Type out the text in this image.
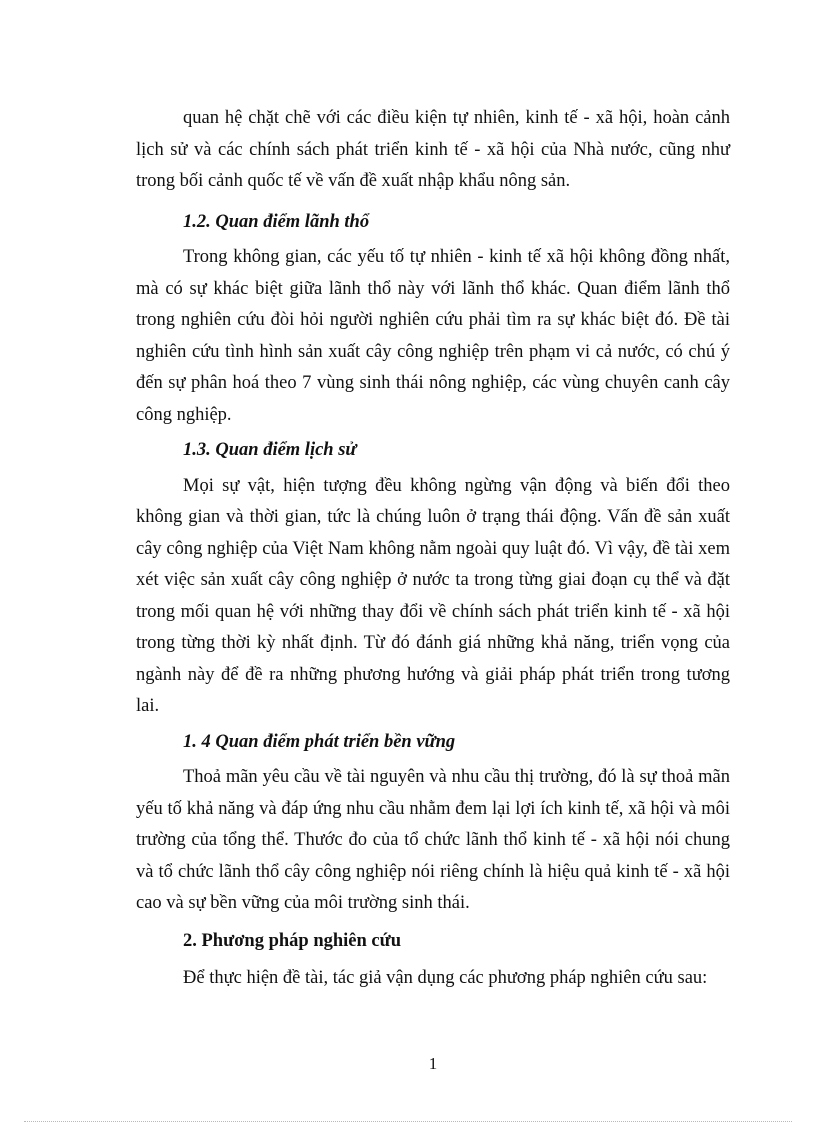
quan hệ chặt chẽ với các điều kiện tự nhiên, kinh tế - xã hội, hoàn cảnh lịch sử và các chính sách phát triển kinh tế - xã hội của Nhà nước, cũng như trong bối cảnh quốc tế về vấn đề xuất nhập khẩu nông sản.

1.2. Quan điểm lãnh thổ

Trong không gian, các yếu tố tự nhiên - kinh tế xã hội không đồng nhất, mà có sự khác biệt giữa lãnh thổ này với lãnh thổ khác. Quan điểm lãnh thổ trong nghiên cứu đòi hỏi người nghiên cứu phải tìm ra sự khác biệt đó. Đề tài nghiên cứu tình hình sản xuất cây công nghiệp trên phạm vi cả nước, có chú ý đến sự phân hoá theo 7 vùng sinh thái nông nghiệp, các vùng chuyên canh cây công nghiệp.

1.3. Quan điểm lịch sử

Mọi sự vật, hiện tượng đều không ngừng vận động và biến đổi theo không gian và thời gian, tức là chúng luôn ở trạng thái động. Vấn đề sản xuất cây công nghiệp của Việt Nam không nằm ngoài quy luật đó. Vì vậy, đề tài xem xét việc sản xuất cây công nghiệp ở nước ta trong từng giai đoạn cụ thể và đặt trong mối quan hệ với những thay đổi về chính sách phát triển kinh tế - xã hội trong từng thời kỳ nhất định. Từ đó đánh giá những khả năng, triển vọng của ngành này để đề ra những phương hướng và giải pháp phát triển trong tương lai.

1. 4 Quan điểm phát triển bền vững

Thoả mãn yêu cầu về tài nguyên và nhu cầu thị trường, đó là sự thoả mãn yếu tố khả năng và đáp ứng nhu cầu nhằm đem lại lợi ích kinh tế, xã hội và môi trường của tổng thể. Thước đo của tổ chức lãnh thổ kinh tế - xã hội nói chung và tổ chức lãnh thổ cây công nghiệp nói riêng chính là hiệu quả kinh tế - xã hội cao và sự bền vững của môi trường sinh thái.

2. Phương pháp nghiên cứu

Để thực hiện đề tài, tác giả vận dụng các phương pháp nghiên cứu sau:

1
